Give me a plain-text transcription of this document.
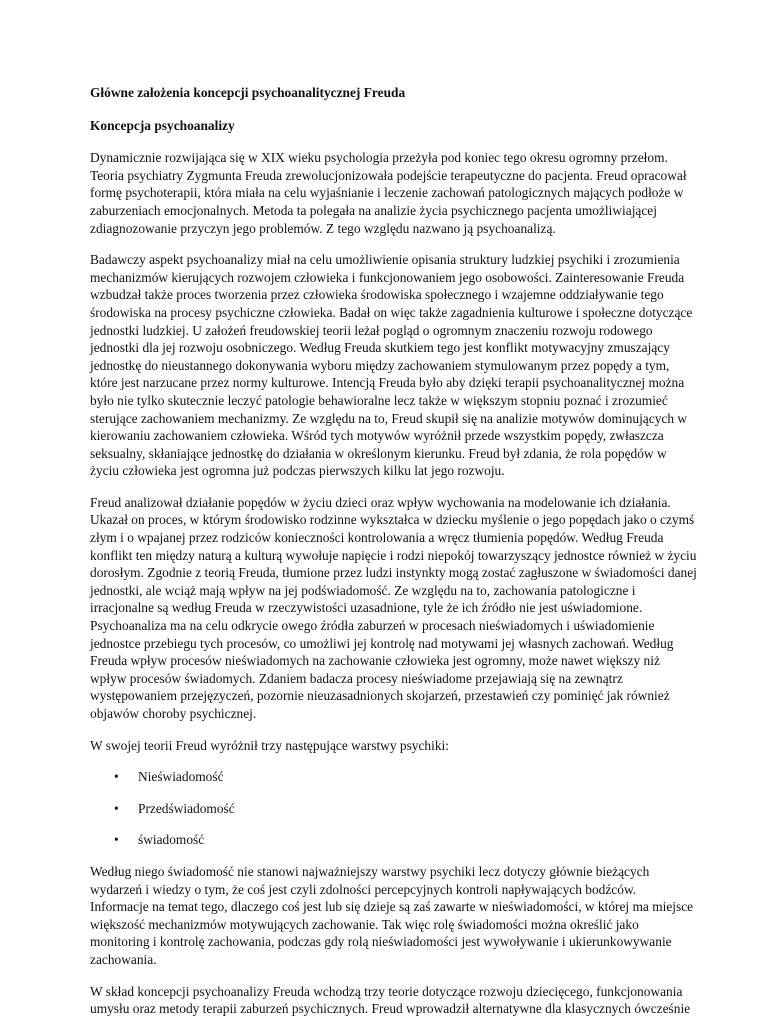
Główne założenia koncepcji psychoanalitycznej Freuda

Koncepcja psychoanalizy

Dynamicznie rozwijająca się w XIX wieku psychologia przeżyła pod koniec tego okresu ogromny przełom.
Teoria psychiatry Zygmunta Freuda zrewolucjonizowała podejście terapeutyczne do pacjenta. Freud opracował
formę psychoterapii, która miała na celu wyjaśnianie i leczenie zachowań patologicznych mających podłoże w
zaburzeniach emocjonalnych. Metoda ta polegała na analizie życia psychicznego pacjenta umożliwiającej
zdiagnozowanie przyczyn jego problemów. Z tego względu nazwano ją psychoanalizą.

Badawczy aspekt psychoanalizy miał na celu umożliwienie opisania struktury ludzkiej psychiki i zrozumienia
mechanizmów kierujących rozwojem człowieka i funkcjonowaniem jego osobowości. Zainteresowanie Freuda
wzbudzał także proces tworzenia przez człowieka środowiska społecznego i wzajemne oddziaływanie tego
środowiska na procesy psychiczne człowieka. Badał on więc także zagadnienia kulturowe i społeczne dotyczące
jednostki ludzkiej. U założeń freudowskiej teorii leżał pogląd o ogromnym znaczeniu rozwoju rodowego
jednostki dla jej rozwoju osobniczego. Według Freuda skutkiem tego jest konflikt motywacyjny zmuszający
jednostkę do nieustannego dokonywania wyboru między zachowaniem stymulowanym przez popędy a tym,
które jest narzucane przez normy kulturowe. Intencją Freuda było aby dzięki terapii psychoanalitycznej można
było nie tylko skutecznie leczyć patologie behawioralne lecz także w większym stopniu poznać i zrozumieć
sterujące zachowaniem mechanizmy. Ze względu na to, Freud skupił się na analizie motywów dominujących w
kierowaniu zachowaniem człowieka. Wśród tych motywów wyróżnił przede wszystkim popędy, zwłaszcza
seksualny, skłaniające jednostkę do działania w określonym kierunku. Freud był zdania, że rola popędów w
życiu człowieka jest ogromna już podczas pierwszych kilku lat jego rozwoju.

Freud analizował działanie popędów w życiu dzieci oraz wpływ wychowania na modelowanie ich działania.
Ukazał on proces, w którym środowisko rodzinne wykształca w dziecku myślenie o jego popędach jako o czymś
złym i o wpajanej przez rodziców konieczności kontrolowania a wręcz tłumienia popędów. Według Freuda
konflikt ten między naturą a kulturą wywołuje napięcie i rodzi niepokój towarzyszący jednostce również w życiu
dorosłym. Zgodnie z teorią Freuda, tłumione przez ludzi instynkty mogą zostać zagłuszone w świadomości danej
jednostki, ale wciąż mają wpływ na jej podświadomość. Ze względu na to, zachowania patologiczne i
irracjonalne są według Freuda w rzeczywistości uzasadnione, tyle że ich źródło nie jest uświadomione.
Psychoanaliza ma na celu odkrycie owego źródła zaburzeń w procesach nieświadomych i uświadomienie
jednostce przebiegu tych procesów, co umożliwi jej kontrolę nad motywami jej własnych zachowań. Według
Freuda wpływ procesów nieświadomych na zachowanie człowieka jest ogromny, może nawet większy niż
wpływ procesów świadomych. Zdaniem badacza procesy nieświadome przejawiają się na zewnątrz
występowaniem przejęzyczeń, pozornie nieuzasadnionych skojarzeń, przestawień czy pominięć jak również
objawów choroby psychicznej.

W swojej teorii Freud wyróżnił trzy następujące warstwy psychiki:

• Nieświadomość
• Przedświadomość
• świadomość

Według niego świadomość nie stanowi najważniejszy warstwy psychiki lecz dotyczy głównie bieżących
wydarzeń i wiedzy o tym, że coś jest czyli zdolności percepcyjnych kontroli napływających bodźców.
Informacje na temat tego, dlaczego coś jest lub się dzieje są zaś zawarte w nieświadomości, w której ma miejsce
większość mechanizmów motywujących zachowanie. Tak więc rolę świadomości można określić jako
monitoring i kontrolę zachowania, podczas gdy rolą nieświadomości jest wywoływanie i ukierunkowywanie
zachowania.

W skład koncepcji psychoanalizy Freuda wchodzą trzy teorie dotyczące rozwoju dziecięcego, funkcjonowania
umysłu oraz metody terapii zaburzeń psychicznych. Freud wprowadził alternatywne dla klasycznych ówcześnie
